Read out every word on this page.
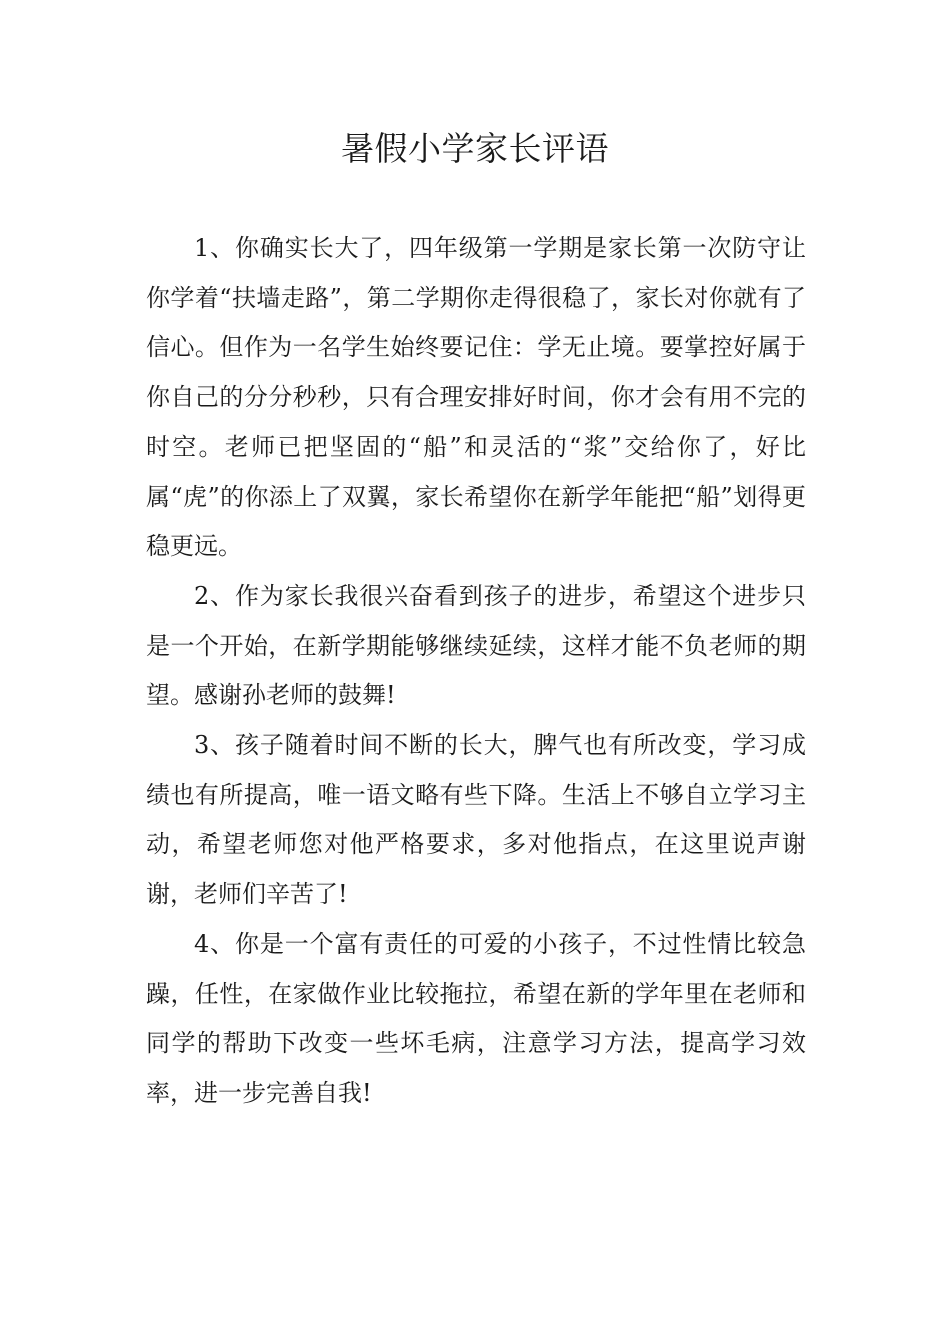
暑假小学家长评语

1、你确实长大了，四年级第一学期是家长第一次防守让你学着“扶墙走路”，第二学期你走得很稳了，家长对你就有了信心。但作为一名学生始终要记住：学无止境。要掌控好属于你自己的分分秒秒，只有合理安排好时间，你才会有用不完的时空。老师已把坚固的“船”和灵活的“浆”交给你了，好比属“虎”的你添上了双翼，家长希望你在新学年能把“船”划得更稳更远。

2、作为家长我很兴奋看到孩子的进步，希望这个进步只是一个开始，在新学期能够继续延续，这样才能不负老师的期望。感谢孙老师的鼓舞!

3、孩子随着时间不断的长大，脾气也有所改变，学习成绩也有所提高，唯一语文略有些下降。生活上不够自立学习主动，希望老师您对他严格要求，多对他指点，在这里说声谢谢，老师们辛苦了!

4、你是一个富有责任的可爱的小孩子，不过性情比较急躁，任性，在家做作业比较拖拉，希望在新的学年里在老师和同学的帮助下改变一些坏毛病，注意学习方法，提高学习效率，进一步完善自我!
